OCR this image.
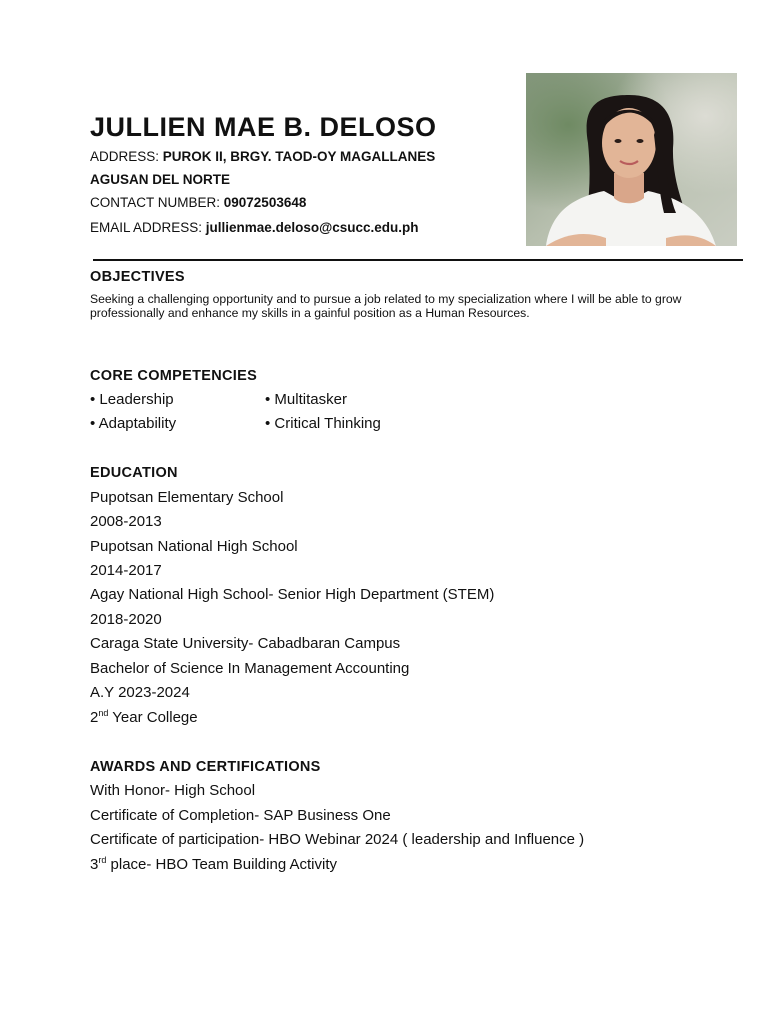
JULLIEN MAE B. DELOSO
ADDRESS: PUROK II, BRGY. TAOD-OY MAGALLANES
AGUSAN DEL NORTE
CONTACT NUMBER: 09072503648
EMAIL ADDRESS: jullienmae.deloso@csucc.edu.ph
OBJECTIVES

Seeking a challenging opportunity and to pursue a job related to my specialization where I will be able to grow professionally and enhance my skills in a gainful position as a Human Resources.

CORE COMPETENCIES
• Leadership	• Multitasker
• Adaptability	• Critical Thinking
EDUCATION
Pupotsan Elementary School
2008-2013
Pupotsan National High School
2014-2017
Agay National High School- Senior High Department (STEM)
2018-2020
Caraga State University- Cabadbaran Campus
Bachelor of Science In Management Accounting
A.Y 2023-2024
2nd Year College
AWARDS AND CERTIFICATIONS
With Honor- High School
Certificate of Completion- SAP Business One
Certificate of participation- HBO Webinar 2024 ( leadership and Influence )
3rd place- HBO Team Building Activity
